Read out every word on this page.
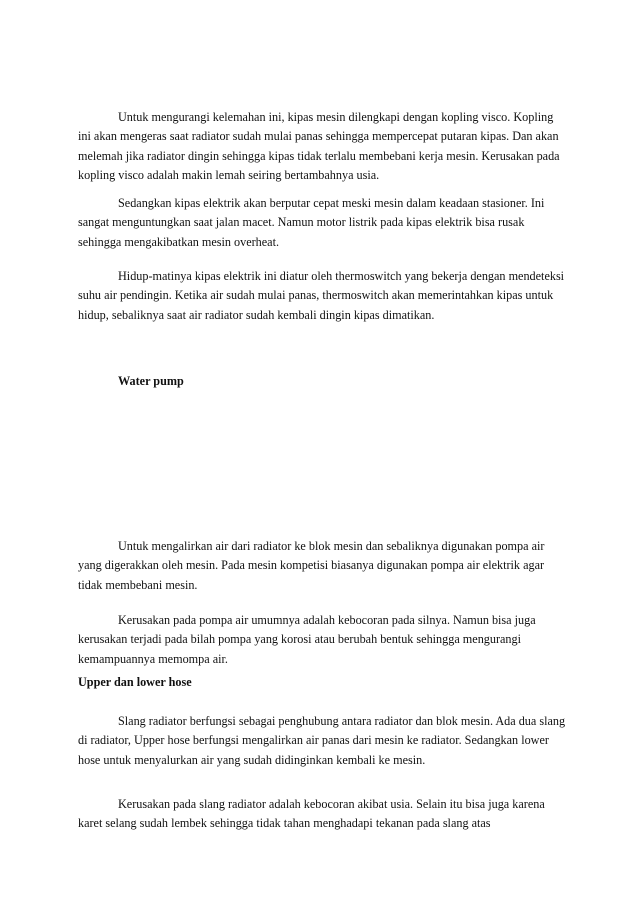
Untuk mengurangi kelemahan ini, kipas mesin dilengkapi dengan kopling visco. Kopling ini akan mengeras saat radiator sudah mulai panas sehingga mempercepat putaran kipas. Dan akan melemah jika radiator dingin sehingga kipas tidak terlalu membebani kerja mesin. Kerusakan pada kopling visco adalah makin lemah seiring bertambahnya usia.

Sedangkan kipas elektrik akan berputar cepat meski mesin dalam keadaan stasioner. Ini sangat menguntungkan saat jalan macet. Namun motor listrik pada kipas elektrik bisa rusak sehingga mengakibatkan mesin overheat.

Hidup-matinya kipas elektrik ini diatur oleh thermoswitch yang bekerja dengan mendeteksi suhu air pendingin. Ketika air sudah mulai panas, thermoswitch akan memerintahkan kipas untuk hidup, sebaliknya saat air radiator sudah kembali dingin kipas dimatikan.

Water pump

Untuk mengalirkan air dari radiator ke blok mesin dan sebaliknya digunakan pompa air yang digerakkan oleh mesin. Pada mesin kompetisi biasanya digunakan pompa air elektrik agar tidak membebani mesin.

Kerusakan pada pompa air umumnya adalah kebocoran pada silnya. Namun bisa juga kerusakan terjadi pada bilah pompa yang korosi atau berubah bentuk sehingga mengurangi kemampuannya memompa air.

Upper dan lower hose

Slang radiator berfungsi sebagai penghubung antara radiator dan blok mesin. Ada dua slang di radiator, Upper hose berfungsi mengalirkan air panas dari mesin ke radiator. Sedangkan lower hose untuk menyalurkan air yang sudah didinginkan kembali ke mesin.

Kerusakan pada slang radiator adalah kebocoran akibat usia. Selain itu bisa juga karena karet selang sudah lembek sehingga tidak tahan menghadapi tekanan pada slang atas
